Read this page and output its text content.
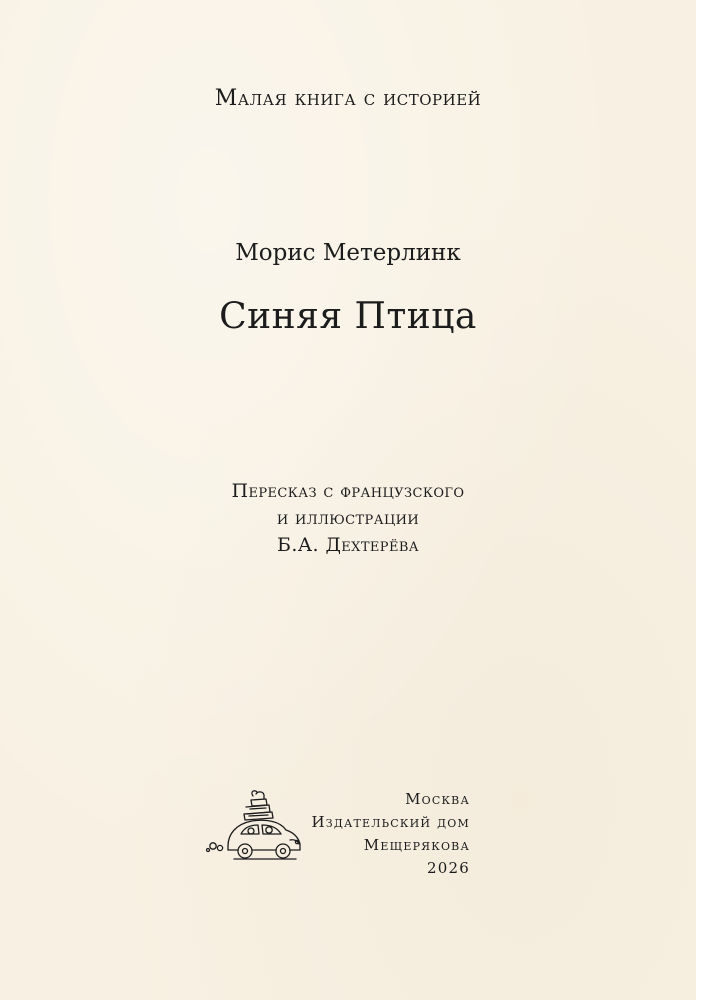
Малая книга с историей
Морис Метерлинк
Синяя Птица
Пересказ с французского
и иллюстрации
Б.А. Дехтерёва
Москва
Издательский дом
Мещерякова
2026
